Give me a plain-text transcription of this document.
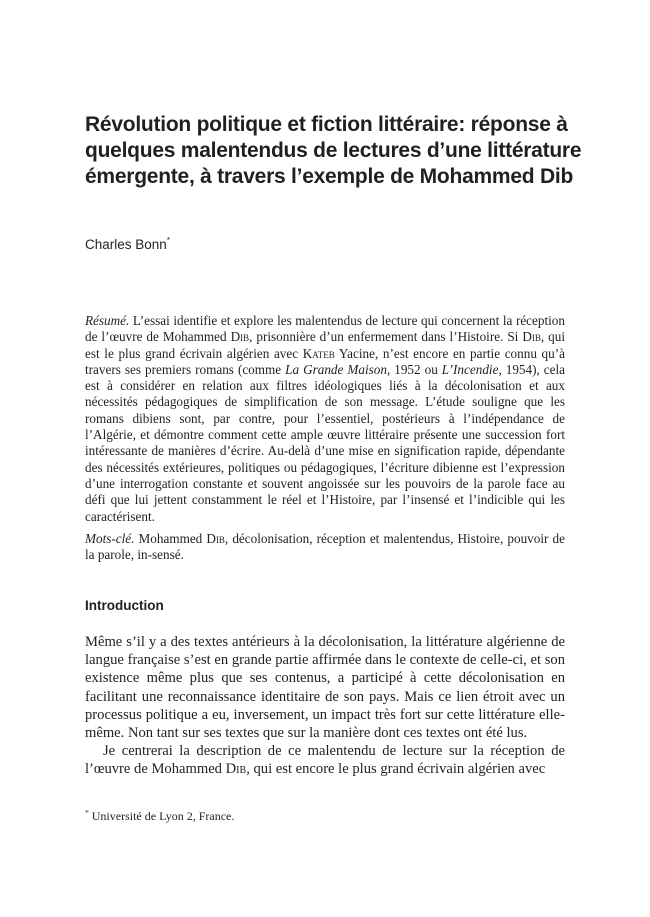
Révolution politique et fiction littéraire: réponse à quelques malentendus de lectures d’une littérature émergente, à travers l’exemple de Mohammed Dib

Charles Bonn*

Résumé. L’essai identifie et explore les malentendus de lecture qui concernent la réception de l’œuvre de Mohammed Dib, prisonnière d’un enfermement dans l’Histoire. Si Dib, qui est le plus grand écrivain algérien avec Kateb Yacine, n’est encore en partie connu qu’à travers ses premiers romans (comme La Grande Maison, 1952 ou L’Incendie, 1954), cela est à considérer en relation aux filtres idéologiques liés à la décolonisation et aux nécessités pédagogiques de simplification de son message. L’étude souligne que les romans dibiens sont, par contre, pour l’essentiel, postérieurs à l’indépendance de l’Algérie, et démontre comment cette ample œuvre littéraire présente une succession fort intéressante de manières d’écrire. Au-delà d’une mise en signification rapide, dépendante des nécessités extérieures, politiques ou pédagogiques, l’écriture dibienne est l’expression d’une interrogation constante et souvent angoissée sur les pouvoirs de la parole face au défi que lui jettent constamment le réel et l’Histoire, par l’insensé et l’indicible qui les caractérisent.

Mots-clé. Mohammed Dib, décolonisation, réception et malentendus, Histoire, pouvoir de la parole, in-sensé.
Introduction

Même s’il y a des textes antérieurs à la décolonisation, la littérature algérienne de langue française s’est en grande partie affirmée dans le contexte de celle-ci, et son existence même plus que ses contenus, a participé à cette décolonisation en facilitant une reconnaissance identitaire de son pays. Mais ce lien étroit avec un processus politique a eu, inversement, un impact très fort sur cette littérature elle-même. Non tant sur ses textes que sur la manière dont ces textes ont été lus.

Je centrerai la description de ce malentendu de lecture sur la réception de l’œuvre de Mohammed Dib, qui est encore le plus grand écrivain algérien avec

* Université de Lyon 2, France.
